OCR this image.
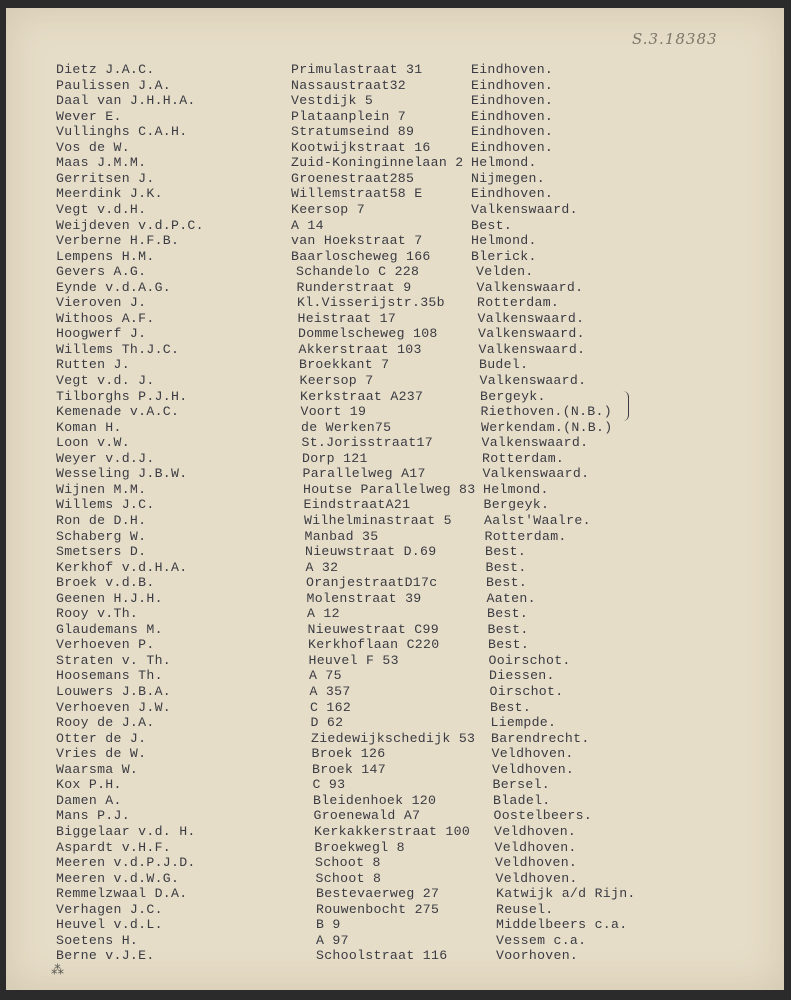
S.3.18383
Dietz J.A.C.	Primulastraat 31	Eindhoven.
Paulissen J.A.	Nassaustraat32	Eindhoven.
Daal van J.H.H.A.	Vestdijk 5	Eindhoven.
Wever E.	Plataanplein 7	Eindhoven.
Vullinghs C.A.H.	Stratumseind 89	Eindhoven.
Vos de W.	Kootwijkstraat 16	Eindhoven.
Maas J.M.M.	Zuid-Koninginnelaan 2 Helmond.
Gerritsen J.	Groenestraat285	Nijmegen.
Meerdink J.K.	Willemstraat58 E	Eindhoven.
Vegt v.d.H.	Keersop 7	Valkenswaard.
Weijdeven v.d.P.C.	A 14	Best.
Verberne H.F.B.	van Hoekstraat 7	Helmond.
Lempens H.M.	Baarloscheweg 166	Blerick.
Gevers A.G.	Schandelo C 228	Velden.
Eynde v.d.A.G.	Runderstraat 9	Valkenswaard.
Vieroven J.	Kl.Visserijstr.35b Rotterdam.
Withoos A.F.	Heistraat 17	Valkenswaard.
Hoogwerf J.	Dommelscheweg 108	Valkenswaard.
Willems Th.J.C.	Akkerstraat 103	Valkenswaard.
Rutten J.	Broekkant 7	Budel.
Vegt v.d. J.	Keersop 7	Valkenswaard.
Tilborghs P.J.H.	Kerkstraat A237	Bergeyk.
Kemenade v.A.C.	Voort 19	Riethoven.(N.B.)
Koman H.	de Werken75	Werkendam.(N.B.)
Loon v.W.	St.Jorisstraat17	Valkenswaard.
Weyer v.d.J.	Dorp 121	Rotterdam.
Wesseling J.B.W.	Parallelweg A17	Valkenswaard.
Wijnen M.M.	Houtse Parallelweg 83 Helmond.
Willems J.C.	EindstraatA21	Bergeyk.
Ron de D.H.	Wilhelminastraat 5 Aalst'Waalre.
Schaberg W.	Manbad 35	Rotterdam.
Smetsers D.	Nieuwstraat D.69	Best.
Kerkhof v.d.H.A.	A 32	Best.
Broek v.d.B.	OranjestraatD17c	Best.
Geenen H.J.H.	Molenstraat 39	Aaten.
Rooy v.Th.	A 12	Best.
Glaudemans M.	Nieuwestraat C99	Best.
Verhoeven P.	Kerkhoflaan C220	Best.
Straten v. Th.	Heuvel F 53	Ooirschot.
Hoosemans Th.	A 75	Diessen.
Louwers J.B.A.	A 357	Oirschot.
Verhoeven J.W.	C 162	Best.
Rooy de J.A.	D 62	Liempde.
Otter de J.	Ziedewijkschedijk 53 Barendrecht.
Vries de W.	Broek 126	Veldhoven.
Waarsma W.	Broek 147	Veldhoven.
Kox P.H.	C 93	Bersel.
Damen A.	Bleidenhoek 120	Bladel.
Mans P.J.	Groenewald A7	Oostelbeers.
Biggelaar v.d. H.	Kerkakkerstraat 100 Veldhoven.
Aspardt v.H.F.	Broekwegl 8	Veldhoven.
Meeren v.d.P.J.D.	Schoot 8	Veldhoven.
Meeren v.d.W.G.	Schoot 8	Veldhoven.
Remmelzwaal D.A.	Bestevaerweg 27	Katwijk a/d Rijn.
Verhagen J.C.	Rouwenbocht 275	Reusel.
Heuvel v.d.L.	B 9	Middelbeers c.a.
Soetens H.	A 97	Vessem c.a.
Berne v.J.E.	Schoolstraat 116	Voorhoven.
⁂
